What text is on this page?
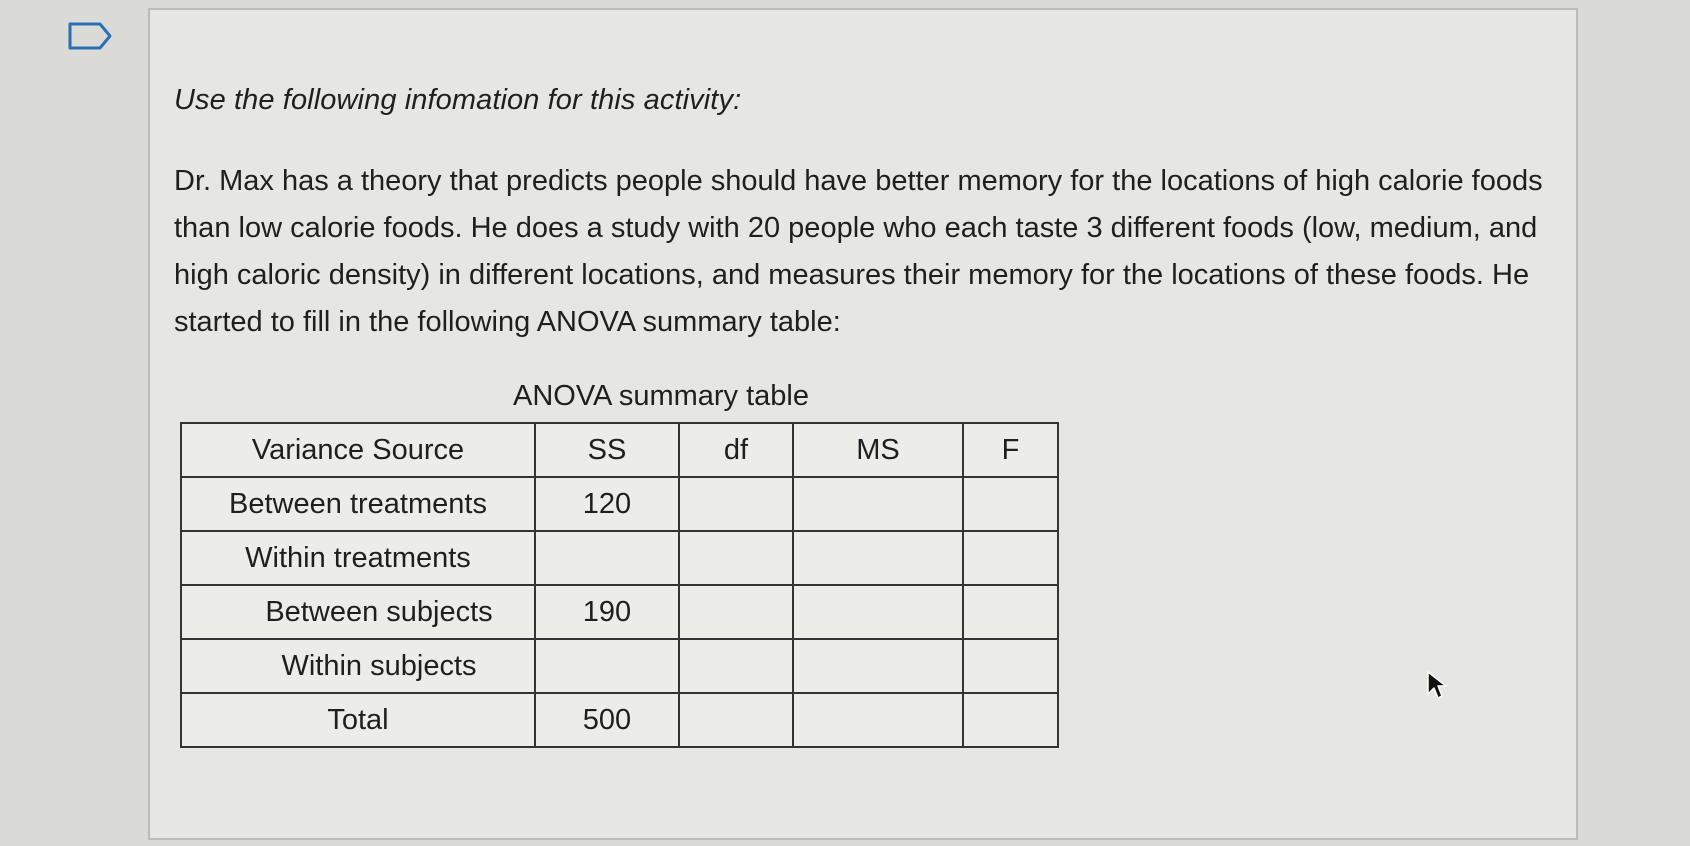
Use the following infomation for this activity:

Dr. Max has a theory that predicts people should have better memory for the locations of high calorie foods than low calorie foods. He does a study with 20 people who each taste 3 different foods (low, medium, and high caloric density) in different locations, and measures their memory for the locations of these foods. He started to fill in the following ANOVA summary table:

ANOVA summary table
Variance Source	SS	df	MS	F
Between treatments	120			
Within treatments				
Between subjects	190			
Within subjects				
Total	500			
